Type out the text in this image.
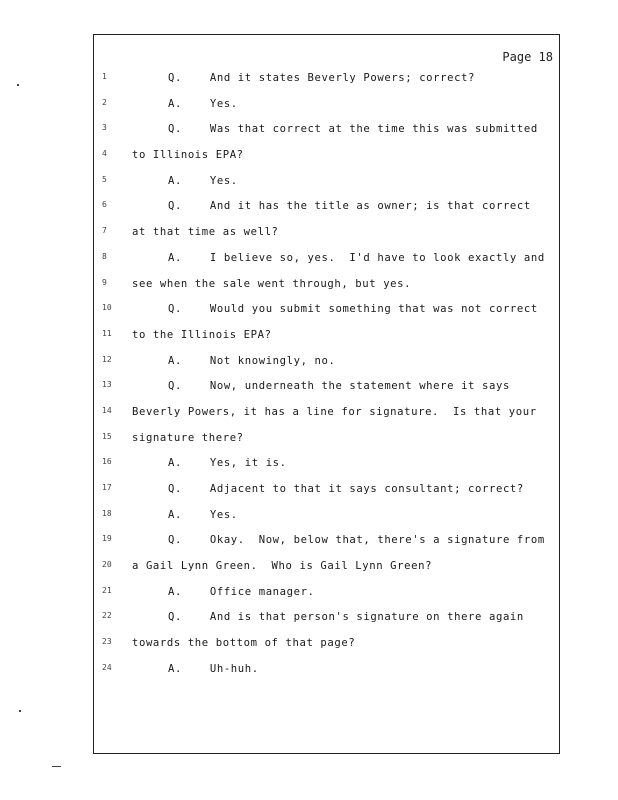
Page 18
1	Q.    And it states Beverly Powers; correct?
2	A.    Yes.
3	Q.    Was that correct at the time this was submitted
4	to Illinois EPA?
5	A.    Yes.
6	Q.    And it has the title as owner; is that correct
7	at that time as well?
8	A.    I believe so, yes.  I'd have to look exactly and
9	see when the sale went through, but yes.
10	Q.    Would you submit something that was not correct
11	to the Illinois EPA?
12	A.    Not knowingly, no.
13	Q.    Now, underneath the statement where it says
14	Beverly Powers, it has a line for signature.  Is that your
15	signature there?
16	A.    Yes, it is.
17	Q.    Adjacent to that it says consultant; correct?
18	A.    Yes.
19	Q.    Okay.  Now, below that, there's a signature from
20	a Gail Lynn Green.  Who is Gail Lynn Green?
21	A.    Office manager.
22	Q.    And is that person's signature on there again
23	towards the bottom of that page?
24	A.    Uh-huh.
